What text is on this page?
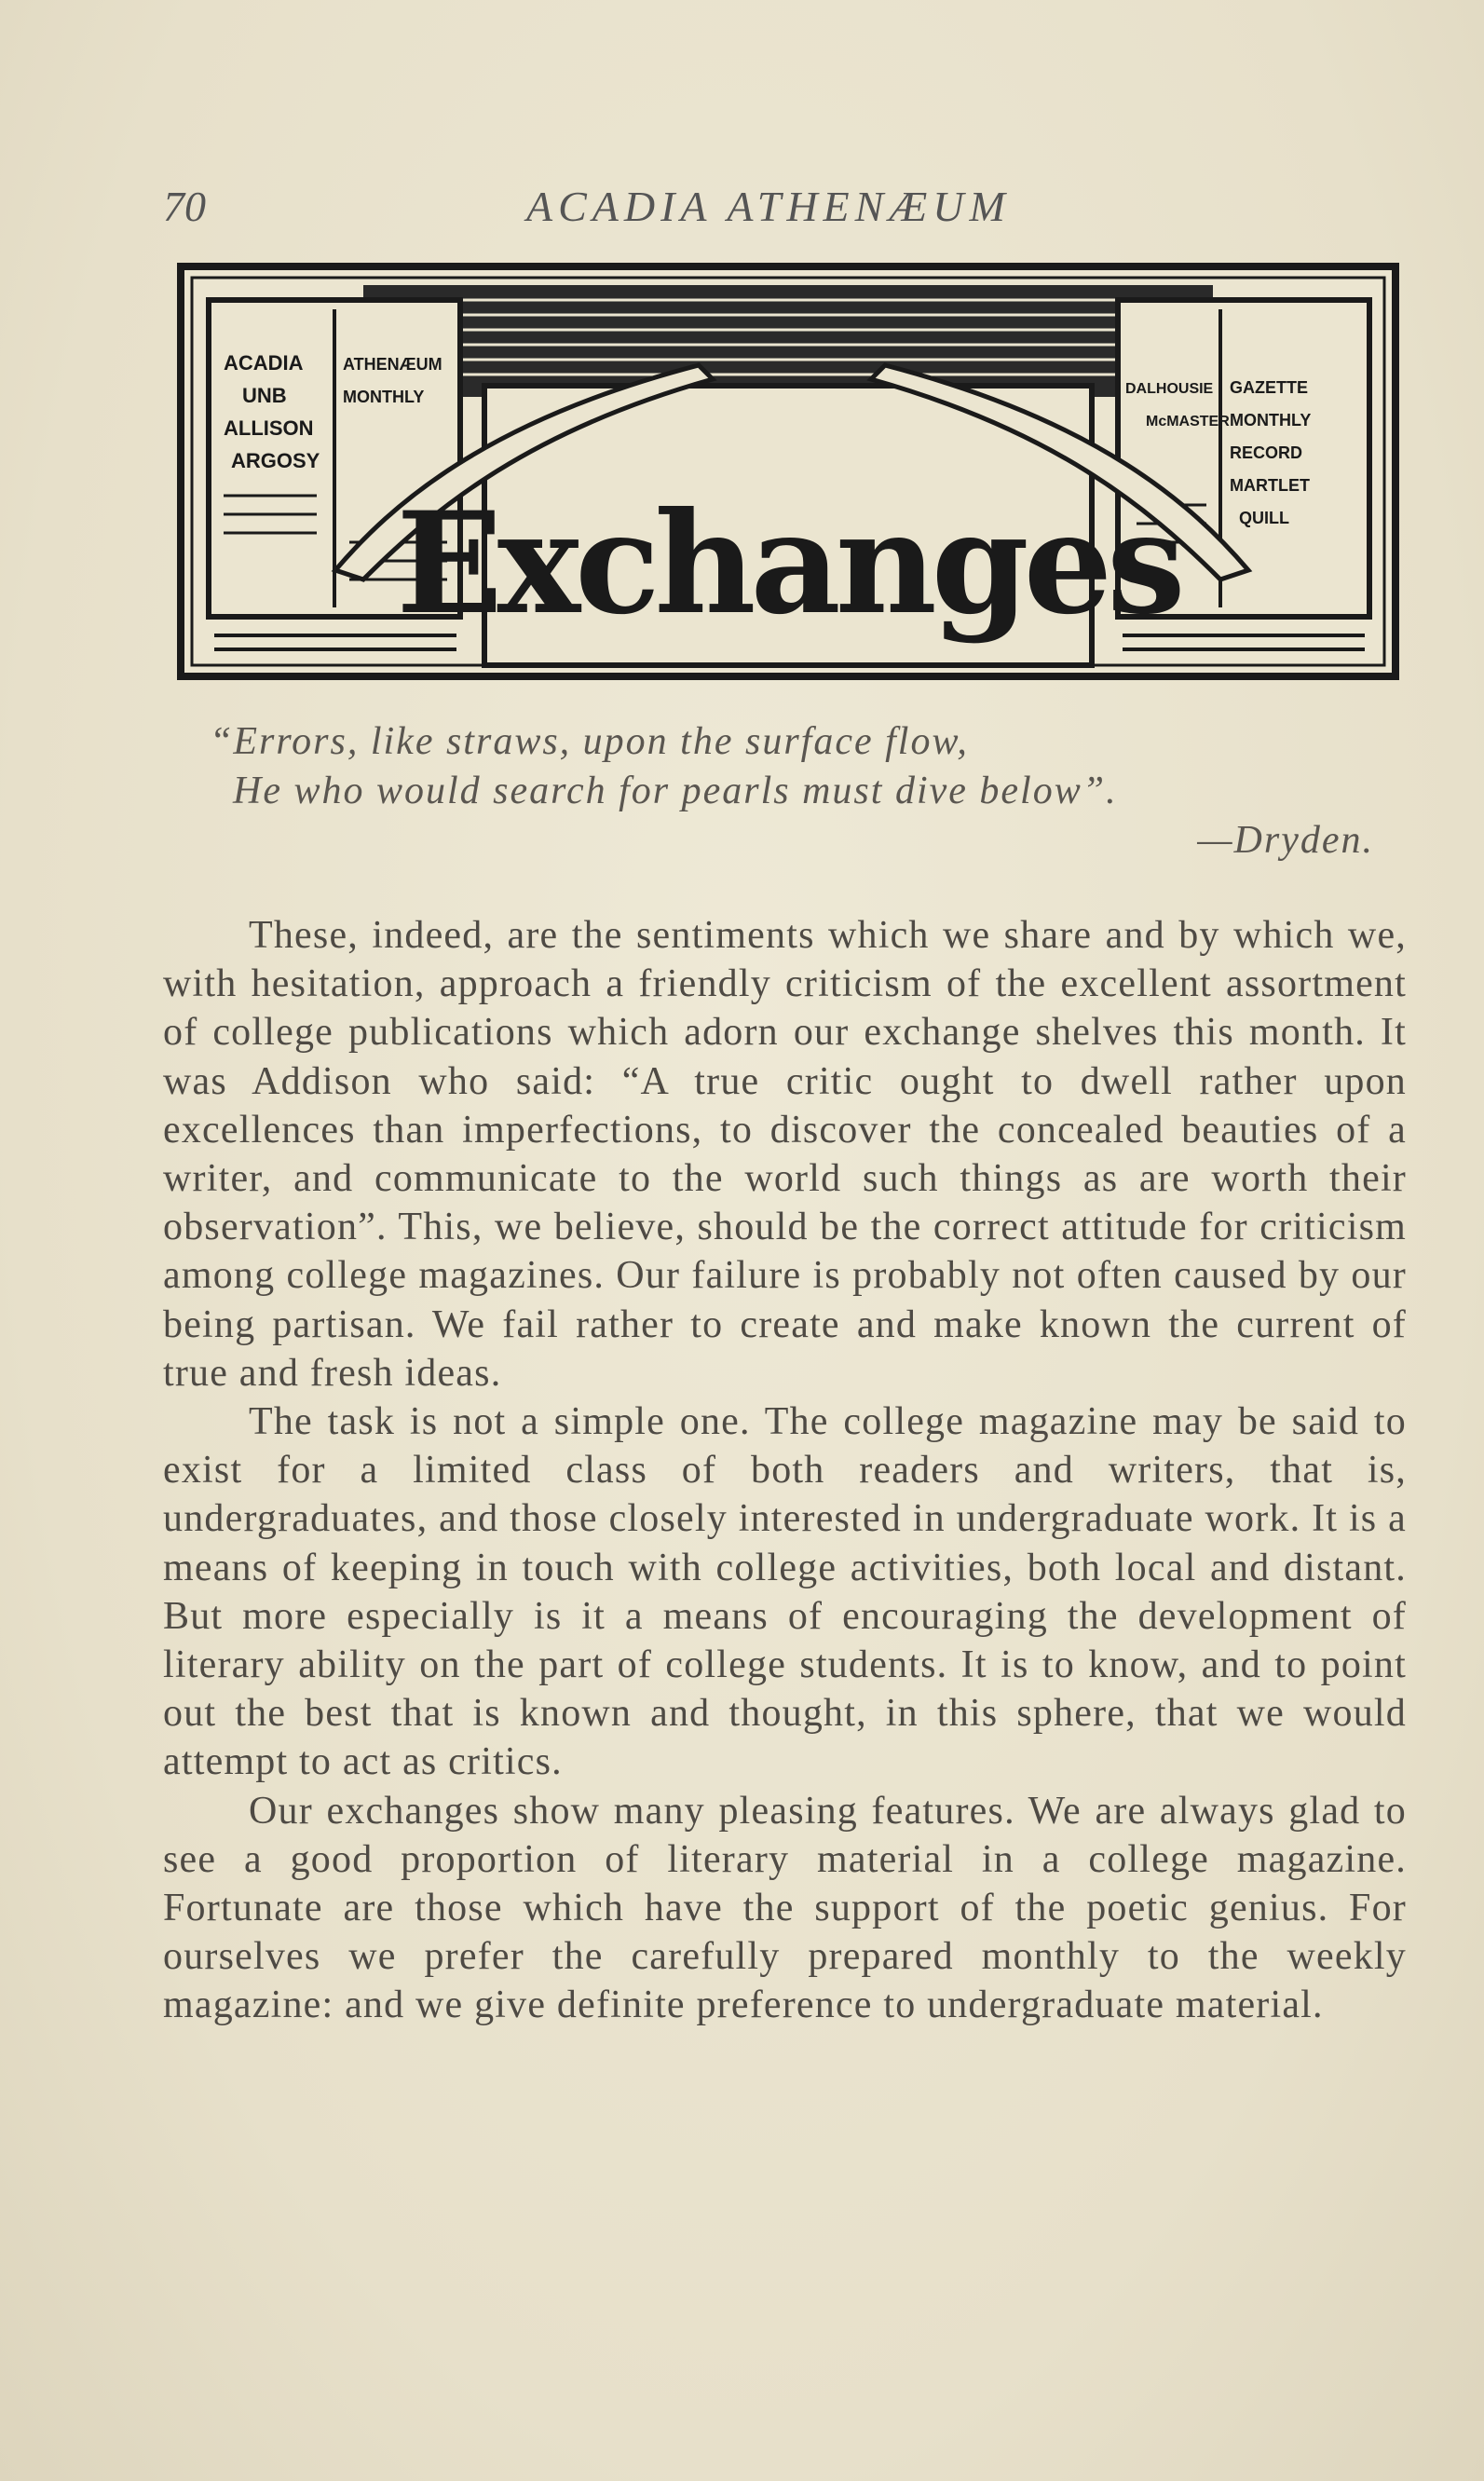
70	ACADIA ATHENÆUM
ACADIA
UNB
ALLISON
ARGOSY
ATHENÆUM
MONTHLY	DALHOUSIE
McMASTER
GAZETTE
MONTHLY
RECORD
MARTLET
QUILL
Exchanges
“Errors, like straws, upon the surface flow,
He who would search for pearls must dive below”.
—Dryden.

These, indeed, are the sentiments which we share and by which we, with hesitation, approach a friendly criticism of the excellent assortment of college publications which adorn our exchange shelves this month. It was Addison who said: “A true critic ought to dwell rather upon excellences than imperfections, to discover the concealed beauties of a writer, and communicate to the world such things as are worth their observation”. This, we believe, should be the correct attitude for criticism among college magazines. Our failure is probably not often caused by our being partisan. We fail rather to create and make known the current of true and fresh ideas.

The task is not a simple one. The college magazine may be said to exist for a limited class of both readers and writers, that is, undergraduates, and those closely interested in undergraduate work. It is a means of keeping in touch with college activities, both local and distant. But more especially is it a means of encouraging the development of literary ability on the part of college students. It is to know, and to point out the best that is known and thought, in this sphere, that we would attempt to act as critics.

Our exchanges show many pleasing features. We are always glad to see a good proportion of literary material in a college magazine. Fortunate are those which have the support of the poetic genius. For ourselves we prefer the carefully prepared monthly to the weekly magazine: and we give definite preference to undergraduate material.
